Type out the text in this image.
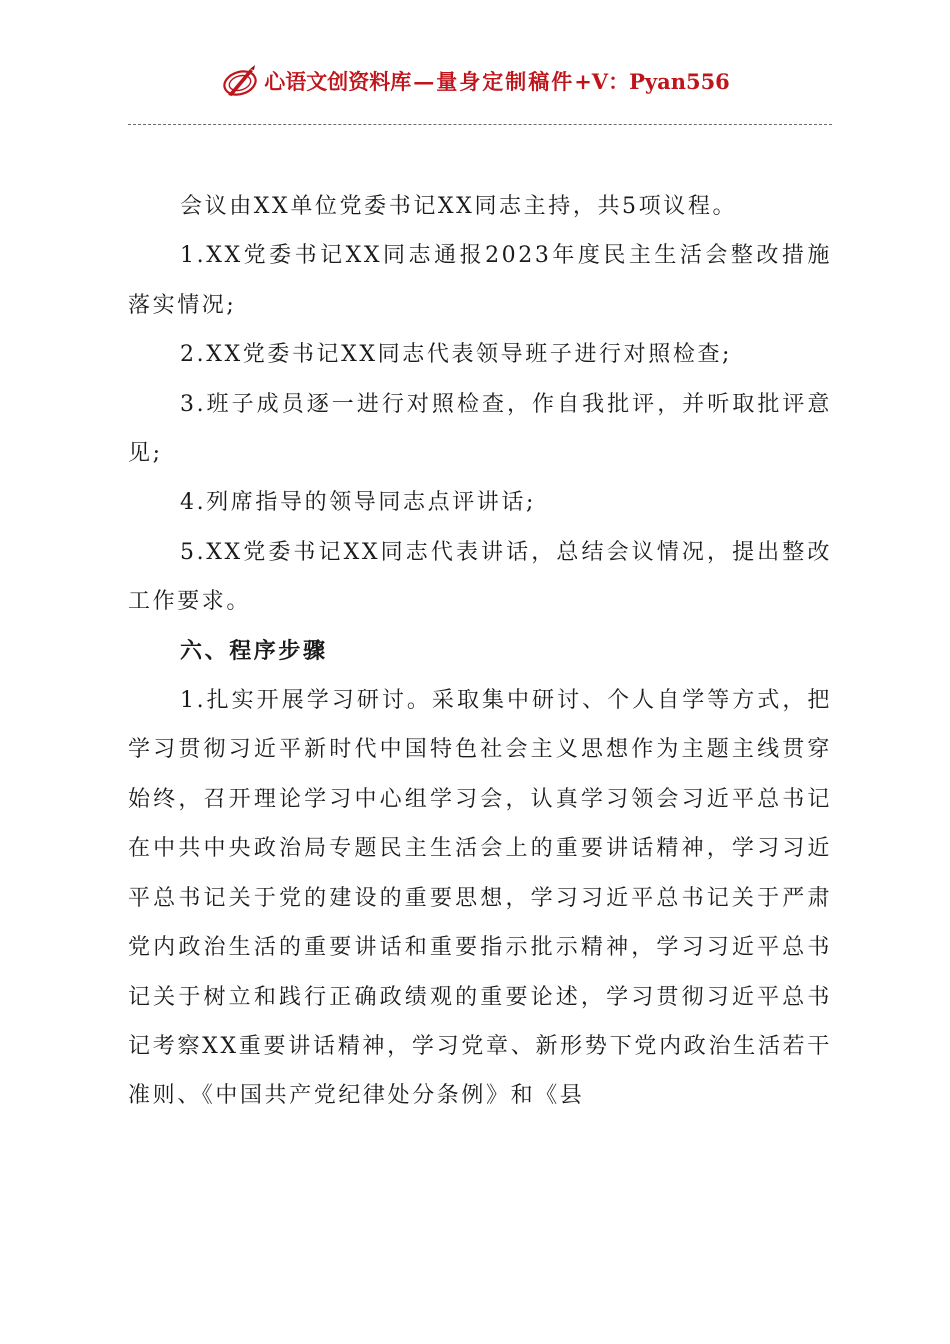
心语文创资料库—量身定制稿件+V：Pyan556

会议由XX单位党委书记XX同志主持，共5项议程。

1.XX党委书记XX同志通报2023年度民主生活会整改措施落实情况;

2.XX党委书记XX同志代表领导班子进行对照检查;

3.班子成员逐一进行对照检查，作自我批评，并听取批评意见;

4.列席指导的领导同志点评讲话;

5.XX党委书记XX同志代表讲话，总结会议情况，提出整改工作要求。

六、程序步骤

1.扎实开展学习研讨。采取集中研讨、个人自学等方式，把学习贯彻习近平新时代中国特色社会主义思想作为主题主线贯穿始终，召开理论学习中心组学习会，认真学习领会习近平总书记在中共中央政治局专题民主生活会上的重要讲话精神，学习习近平总书记关于党的建设的重要思想，学习习近平总书记关于严肃党内政治生活的重要讲话和重要指示批示精神，学习习近平总书记关于树立和践行正确政绩观的重要论述，学习贯彻习近平总书记考察XX重要讲话精神，学习党章、新形势下党内政治生活若干准则、《中国共产党纪律处分条例》和《县
